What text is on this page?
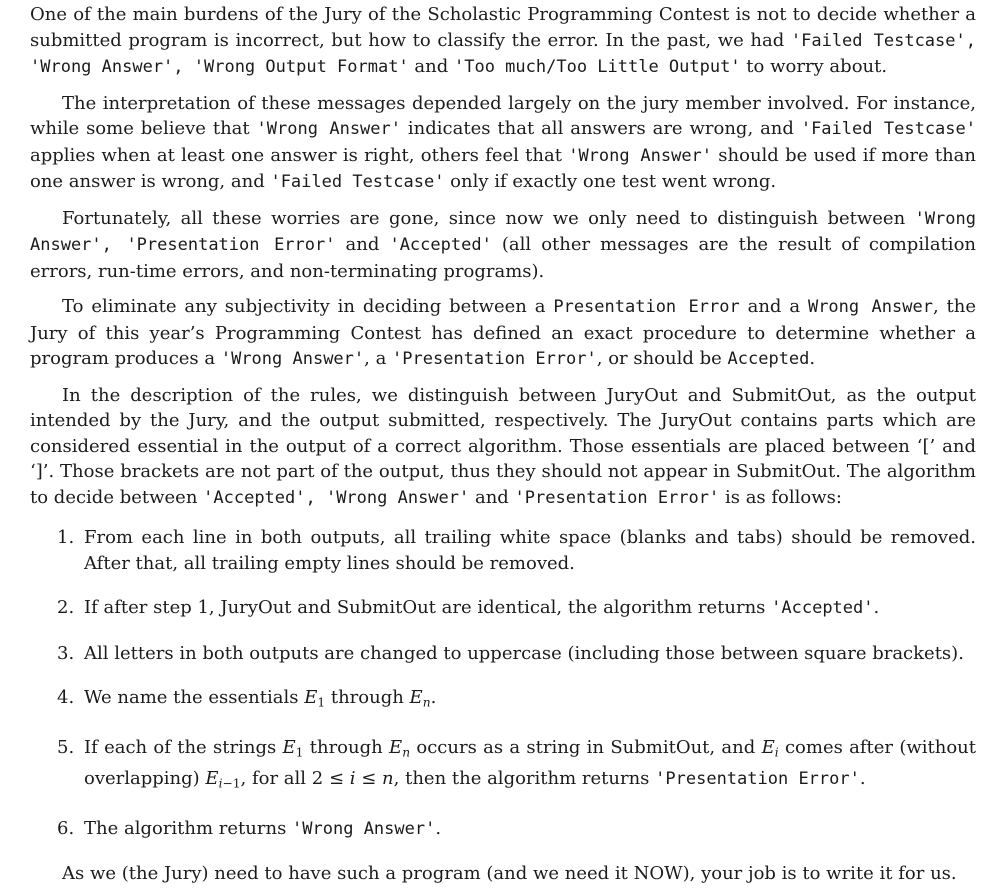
One of the main burdens of the Jury of the Scholastic Programming Contest is not to decide whether a submitted program is incorrect, but how to classify the error. In the past, we had 'Failed Testcase', 'Wrong Answer', 'Wrong Output Format' and 'Too much/Too Little Output' to worry about.
The interpretation of these messages depended largely on the jury member involved. For instance, while some believe that 'Wrong Answer' indicates that all answers are wrong, and 'Failed Testcase' applies when at least one answer is right, others feel that 'Wrong Answer' should be used if more than one answer is wrong, and 'Failed Testcase' only if exactly one test went wrong.
Fortunately, all these worries are gone, since now we only need to distinguish between 'Wrong Answer', 'Presentation Error' and 'Accepted' (all other messages are the result of compilation errors, run-time errors, and non-terminating programs).
To eliminate any subjectivity in deciding between a Presentation Error and a Wrong Answer, the Jury of this year’s Programming Contest has defined an exact procedure to determine whether a program produces a 'Wrong Answer', a 'Presentation Error', or should be Accepted.
In the description of the rules, we distinguish between JuryOut and SubmitOut, as the output intended by the Jury, and the output submitted, respectively. The JuryOut contains parts which are considered essential in the output of a correct algorithm. Those essentials are placed between ‘[’ and ‘]’. Those brackets are not part of the output, thus they should not appear in SubmitOut. The algorithm to decide between 'Accepted', 'Wrong Answer' and 'Presentation Error' is as follows:
1. From each line in both outputs, all trailing white space (blanks and tabs) should be removed. After that, all trailing empty lines should be removed.
2. If after step 1, JuryOut and SubmitOut are identical, the algorithm returns 'Accepted'.
3. All letters in both outputs are changed to uppercase (including those between square brackets).
4. We name the essentials E1 through En.
5. If each of the strings E1 through En occurs as a string in SubmitOut, and Ei comes after (without overlapping) Ei−1, for all 2 ≤ i ≤ n, then the algorithm returns 'Presentation Error'.
6. The algorithm returns 'Wrong Answer'.
As we (the Jury) need to have such a program (and we need it NOW), your job is to write it for us.
